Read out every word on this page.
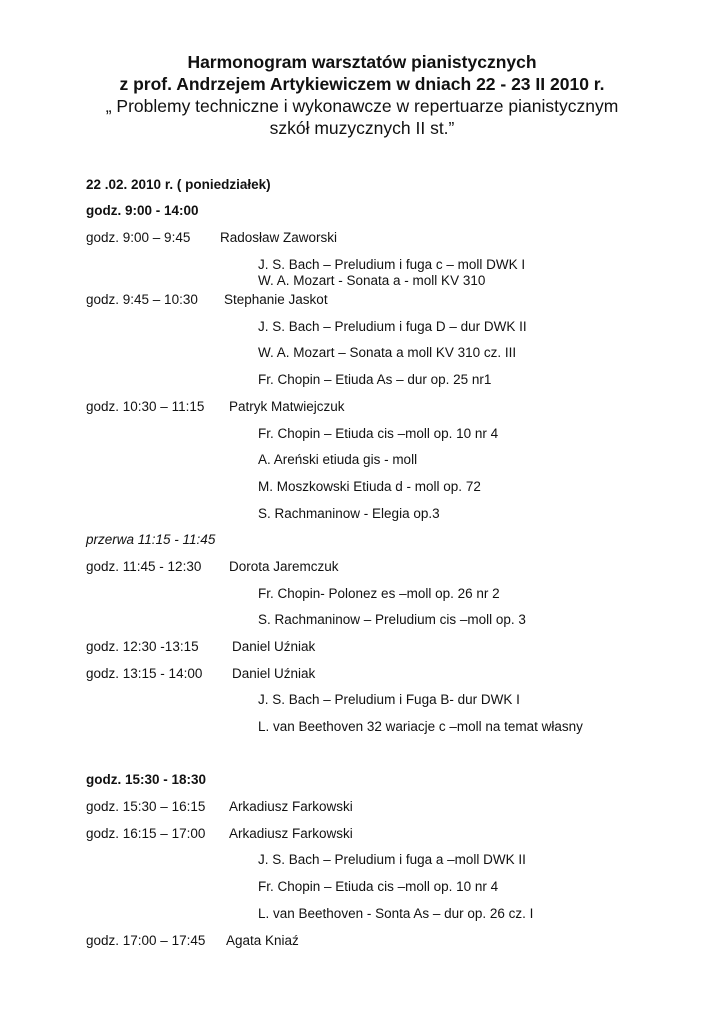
Harmonogram warsztatów pianistycznych
z prof. Andrzejem Artykiewiczem w dniach 22 - 23 II 2010 r.
„ Problemy techniczne i wykonawcze w repertuarze pianistycznym
szkół muzycznych II st.”
22 .02. 2010 r. ( poniedziałek)
godz. 9:00 - 14:00
godz. 9:00 – 9:45 Radosław Zaworski
J. S. Bach – Preludium i fuga c – moll DWK I
W. A. Mozart - Sonata a - moll KV 310
godz. 9:45 – 10:30 Stephanie Jaskot
J. S. Bach – Preludium i fuga D – dur DWK II
W. A. Mozart – Sonata a moll KV 310 cz. III
Fr. Chopin – Etiuda As – dur op. 25 nr1
godz. 10:30 – 11:15 Patryk Matwiejczuk
Fr. Chopin – Etiuda cis –moll op. 10 nr 4
A. Areński etiuda gis - moll
M. Moszkowski Etiuda d - moll op. 72
S. Rachmaninow - Elegia op.3
przerwa 11:15 - 11:45
godz. 11:45 - 12:30 Dorota Jaremczuk
Fr. Chopin- Polonez es –moll op. 26 nr 2
S. Rachmaninow – Preludium cis –moll op. 3
godz. 12:30 -13:15 Daniel Uźniak
godz. 13:15 - 14:00 Daniel Uźniak
J. S. Bach – Preludium i Fuga B- dur DWK I
L. van Beethoven 32 wariacje c –moll na temat własny
godz. 15:30 - 18:30
godz. 15:30 – 16:15 Arkadiusz Farkowski
godz. 16:15 – 17:00 Arkadiusz Farkowski
J. S. Bach – Preludium i fuga a –moll DWK II
Fr. Chopin – Etiuda cis –moll op. 10 nr 4
L. van Beethoven - Sonta As – dur op. 26 cz. I
godz. 17:00 – 17:45 Agata Kniaź
